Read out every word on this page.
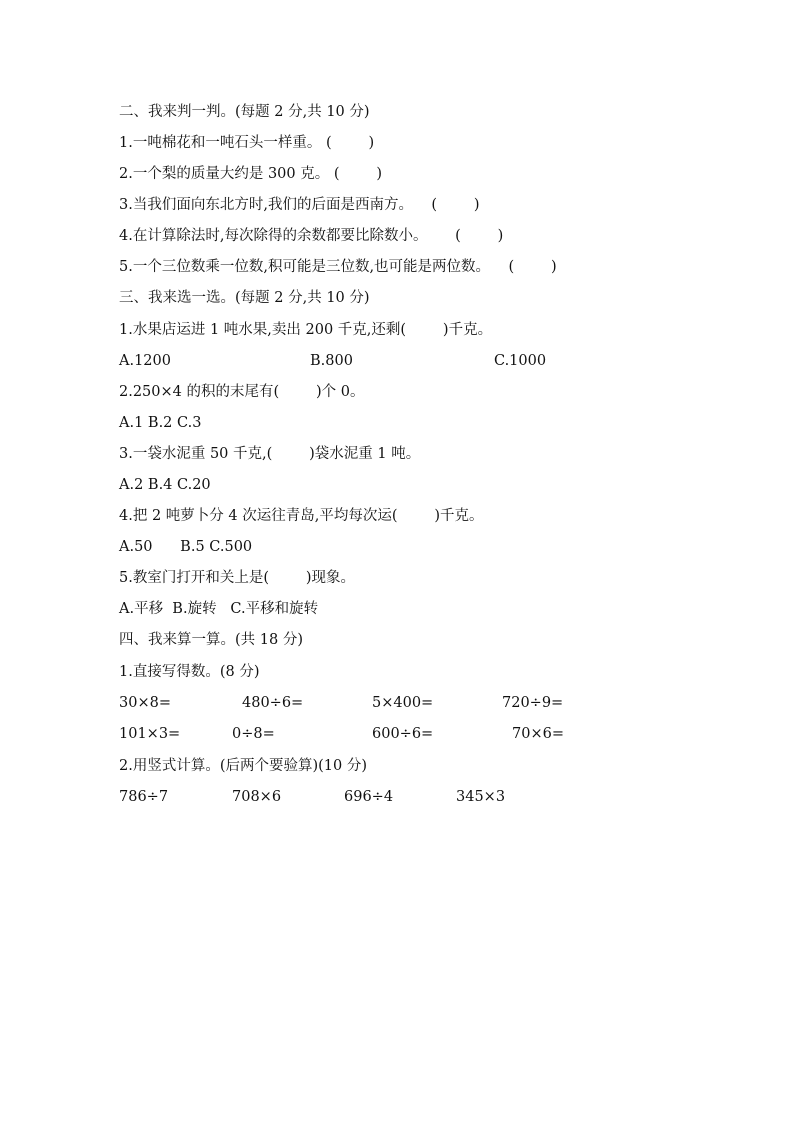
二、我来判一判。(每题 2 分,共 10 分)
1.一吨棉花和一吨石头一样重。 (        )
2.一个梨的质量大约是 300 克。 (        )
3.当我们面向东北方时,我们的后面是西南方。    (        )
4.在计算除法时,每次除得的余数都要比除数小。      (        )
5.一个三位数乘一位数,积可能是三位数,也可能是两位数。    (        )
三、我来选一选。(每题 2 分,共 10 分)
1.水果店运进 1 吨水果,卖出 200 千克,还剩(        )千克。
A.1200	B.800	C.1000
2.250×4 的积的末尾有(        )个 0。
A.1 B.2 C.3
3.一袋水泥重 50 千克,(        )袋水泥重 1 吨。
A.2 B.4 C.20
4.把 2 吨萝卜分 4 次运往青岛,平均每次运(        )千克。
A.50      B.5 C.500
5.教室门打开和关上是(        )现象。
A.平移  B.旋转   C.平移和旋转
四、我来算一算。(共 18 分)
1.直接写得数。(8 分)
30×8=	480÷6=	5×400=	720÷9=
101×3=	0÷8=	600÷6=	70×6=
2.用竖式计算。(后两个要验算)(10 分)
786÷7	708×6	696÷4	345×3
